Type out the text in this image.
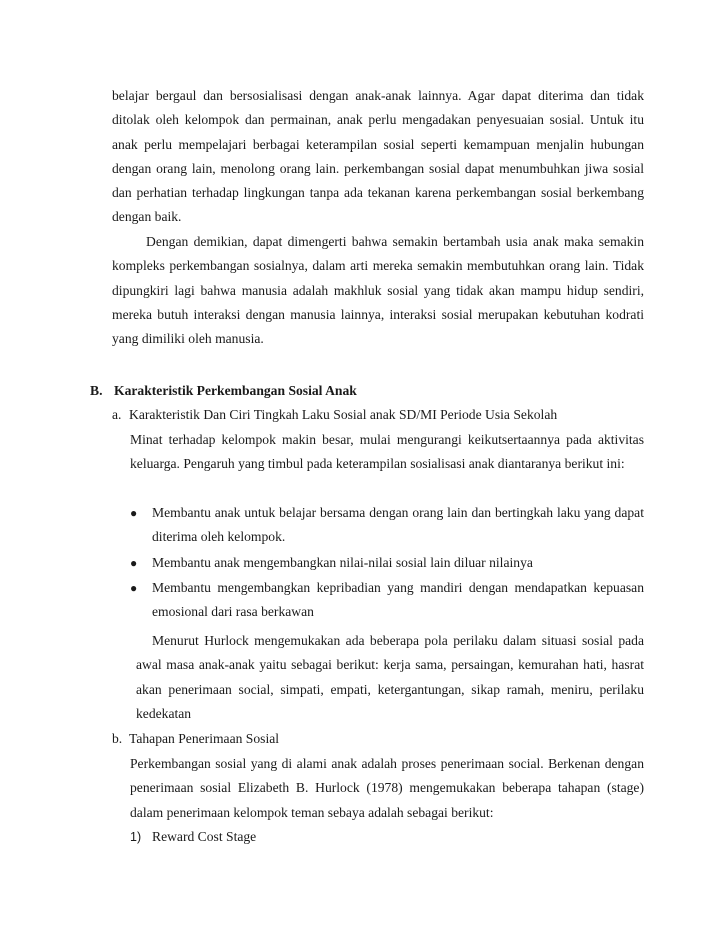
belajar bergaul dan bersosialisasi dengan anak-anak lainnya. Agar dapat diterima dan tidak ditolak oleh kelompok dan permainan, anak perlu mengadakan penyesuaian sosial. Untuk itu anak perlu mempelajari berbagai keterampilan sosial seperti kemampuan menjalin hubungan dengan orang lain, menolong orang lain. perkembangan sosial dapat menumbuhkan jiwa sosial dan perhatian terhadap lingkungan tanpa ada tekanan karena perkembangan sosial berkembang dengan baik.
Dengan demikian, dapat dimengerti bahwa semakin bertambah usia anak maka semakin kompleks perkembangan sosialnya, dalam arti mereka semakin membutuhkan orang lain. Tidak dipungkiri lagi bahwa manusia adalah makhluk sosial yang tidak akan mampu hidup sendiri, mereka butuh interaksi dengan manusia lainnya, interaksi sosial merupakan kebutuhan kodrati yang dimiliki oleh manusia.
B. Karakteristik Perkembangan Sosial Anak
a. Karakteristik Dan Ciri Tingkah Laku Sosial anak SD/MI Periode Usia Sekolah
Minat terhadap kelompok makin besar, mulai mengurangi keikutsertaannya pada aktivitas keluarga. Pengaruh yang timbul pada keterampilan sosialisasi anak diantaranya berikut ini:
● Membantu anak untuk belajar bersama dengan orang lain dan bertingkah laku yang dapat diterima oleh kelompok.
● Membantu anak mengembangkan nilai-nilai sosial lain diluar nilainya
● Membantu mengembangkan kepribadian yang mandiri dengan mendapatkan kepuasan emosional dari rasa berkawan
Menurut Hurlock mengemukakan ada beberapa pola perilaku dalam situasi sosial pada awal masa anak-anak yaitu sebagai berikut: kerja sama, persaingan, kemurahan hati, hasrat akan penerimaan social, simpati, empati, ketergantungan, sikap ramah, meniru, perilaku kedekatan
b. Tahapan Penerimaan Sosial
Perkembangan sosial yang di alami anak adalah proses penerimaan social. Berkenan dengan penerimaan sosial Elizabeth B. Hurlock (1978) mengemukakan beberapa tahapan (stage) dalam penerimaan kelompok teman sebaya adalah sebagai berikut:
1) Reward Cost Stage
